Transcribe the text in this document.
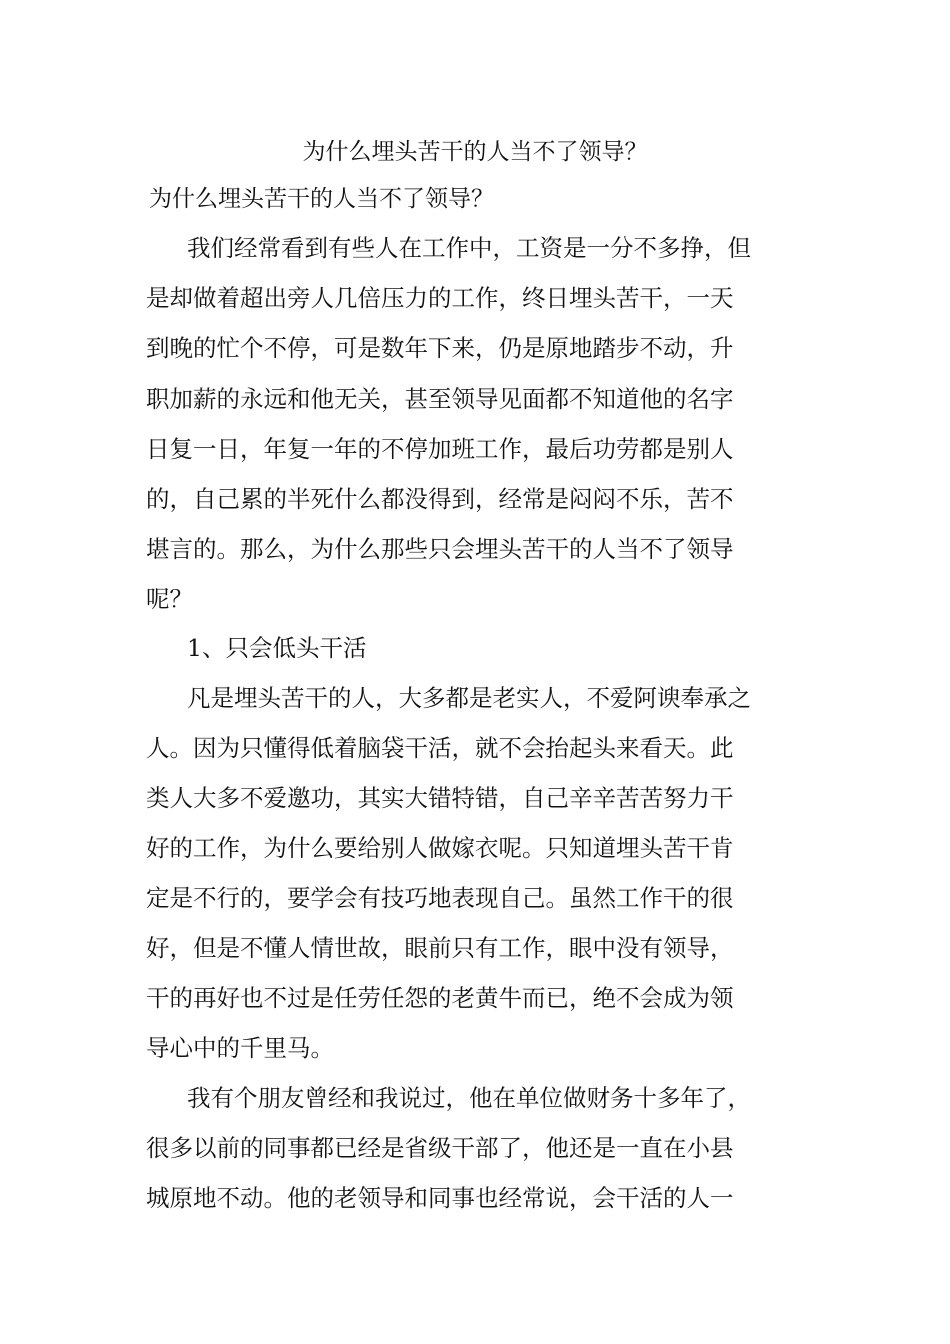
为什么埋头苦干的人当不了领导？
为什么埋头苦干的人当不了领导？
我们经常看到有些人在工作中，工资是一分不多挣，但
是却做着超出旁人几倍压力的工作，终日埋头苦干，一天
到晚的忙个不停，可是数年下来，仍是原地踏步不动，升
职加薪的永远和他无关，甚至领导见面都不知道他的名字
日复一日，年复一年的不停加班工作，最后功劳都是别人
的，自己累的半死什么都没得到，经常是闷闷不乐，苦不
堪言的。那么，为什么那些只会埋头苦干的人当不了领导
呢？
1、只会低头干活
凡是埋头苦干的人，大多都是老实人，不爱阿谀奉承之
人。因为只懂得低着脑袋干活，就不会抬起头来看天。此
类人大多不爱邀功，其实大错特错，自己辛辛苦苦努力干
好的工作，为什么要给别人做嫁衣呢。只知道埋头苦干肯
定是不行的，要学会有技巧地表现自己。虽然工作干的很
好，但是不懂人情世故，眼前只有工作，眼中没有领导，
干的再好也不过是任劳任怨的老黄牛而已，绝不会成为领
导心中的千里马。
我有个朋友曾经和我说过，他在单位做财务十多年了，
很多以前的同事都已经是省级干部了，他还是一直在小县
城原地不动。他的老领导和同事也经常说，会干活的人一
